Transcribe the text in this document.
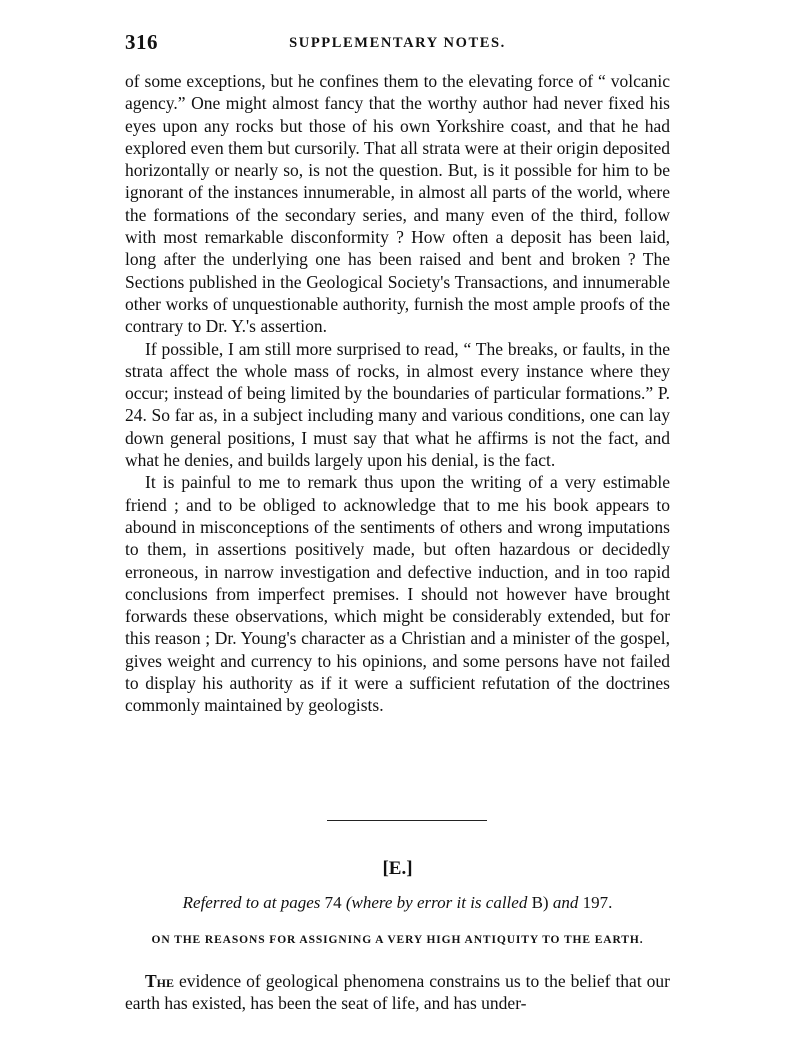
316	SUPPLEMENTARY NOTES.

of some exceptions, but he confines them to the elevating force of “ volcanic agency.” One might almost fancy that the worthy author had never fixed his eyes upon any rocks but those of his own Yorkshire coast, and that he had explored even them but cursorily. That all strata were at their origin deposited horizontally or nearly so, is not the question. But, is it possible for him to be ignorant of the instances innumerable, in almost all parts of the world, where the formations of the secondary series, and many even of the third, follow with most remarkable disconformity ? How often a deposit has been laid, long after the underlying one has been raised and bent and broken ? The Sections published in the Geological Society's Transactions, and innumerable other works of unquestionable authority, furnish the most ample proofs of the contrary to Dr. Y.'s assertion.

If possible, I am still more surprised to read, “ The breaks, or faults, in the strata affect the whole mass of rocks, in almost every instance where they occur; instead of being limited by the boundaries of particular formations.” P. 24. So far as, in a subject including many and various conditions, one can lay down general positions, I must say that what he affirms is not the fact, and what he denies, and builds largely upon his denial, is the fact.

It is painful to me to remark thus upon the writing of a very estimable friend ; and to be obliged to acknowledge that to me his book appears to abound in misconceptions of the sentiments of others and wrong imputations to them, in assertions positively made, but often hazardous or decidedly erroneous, in narrow investigation and defective induction, and in too rapid conclusions from imperfect premises. I should not however have brought forwards these observations, which might be considerably extended, but for this reason ; Dr. Young's character as a Christian and a minister of the gospel, gives weight and currency to his opinions, and some persons have not failed to display his authority as if it were a sufficient refutation of the doctrines commonly maintained by geologists.

[E.]
Referred to at pages 74 (where by error it is called B) and 197.
ON THE REASONS FOR ASSIGNING A VERY HIGH ANTIQUITY TO THE EARTH.

The evidence of geological phenomena constrains us to the belief that our earth has existed, has been the seat of life, and has under-
